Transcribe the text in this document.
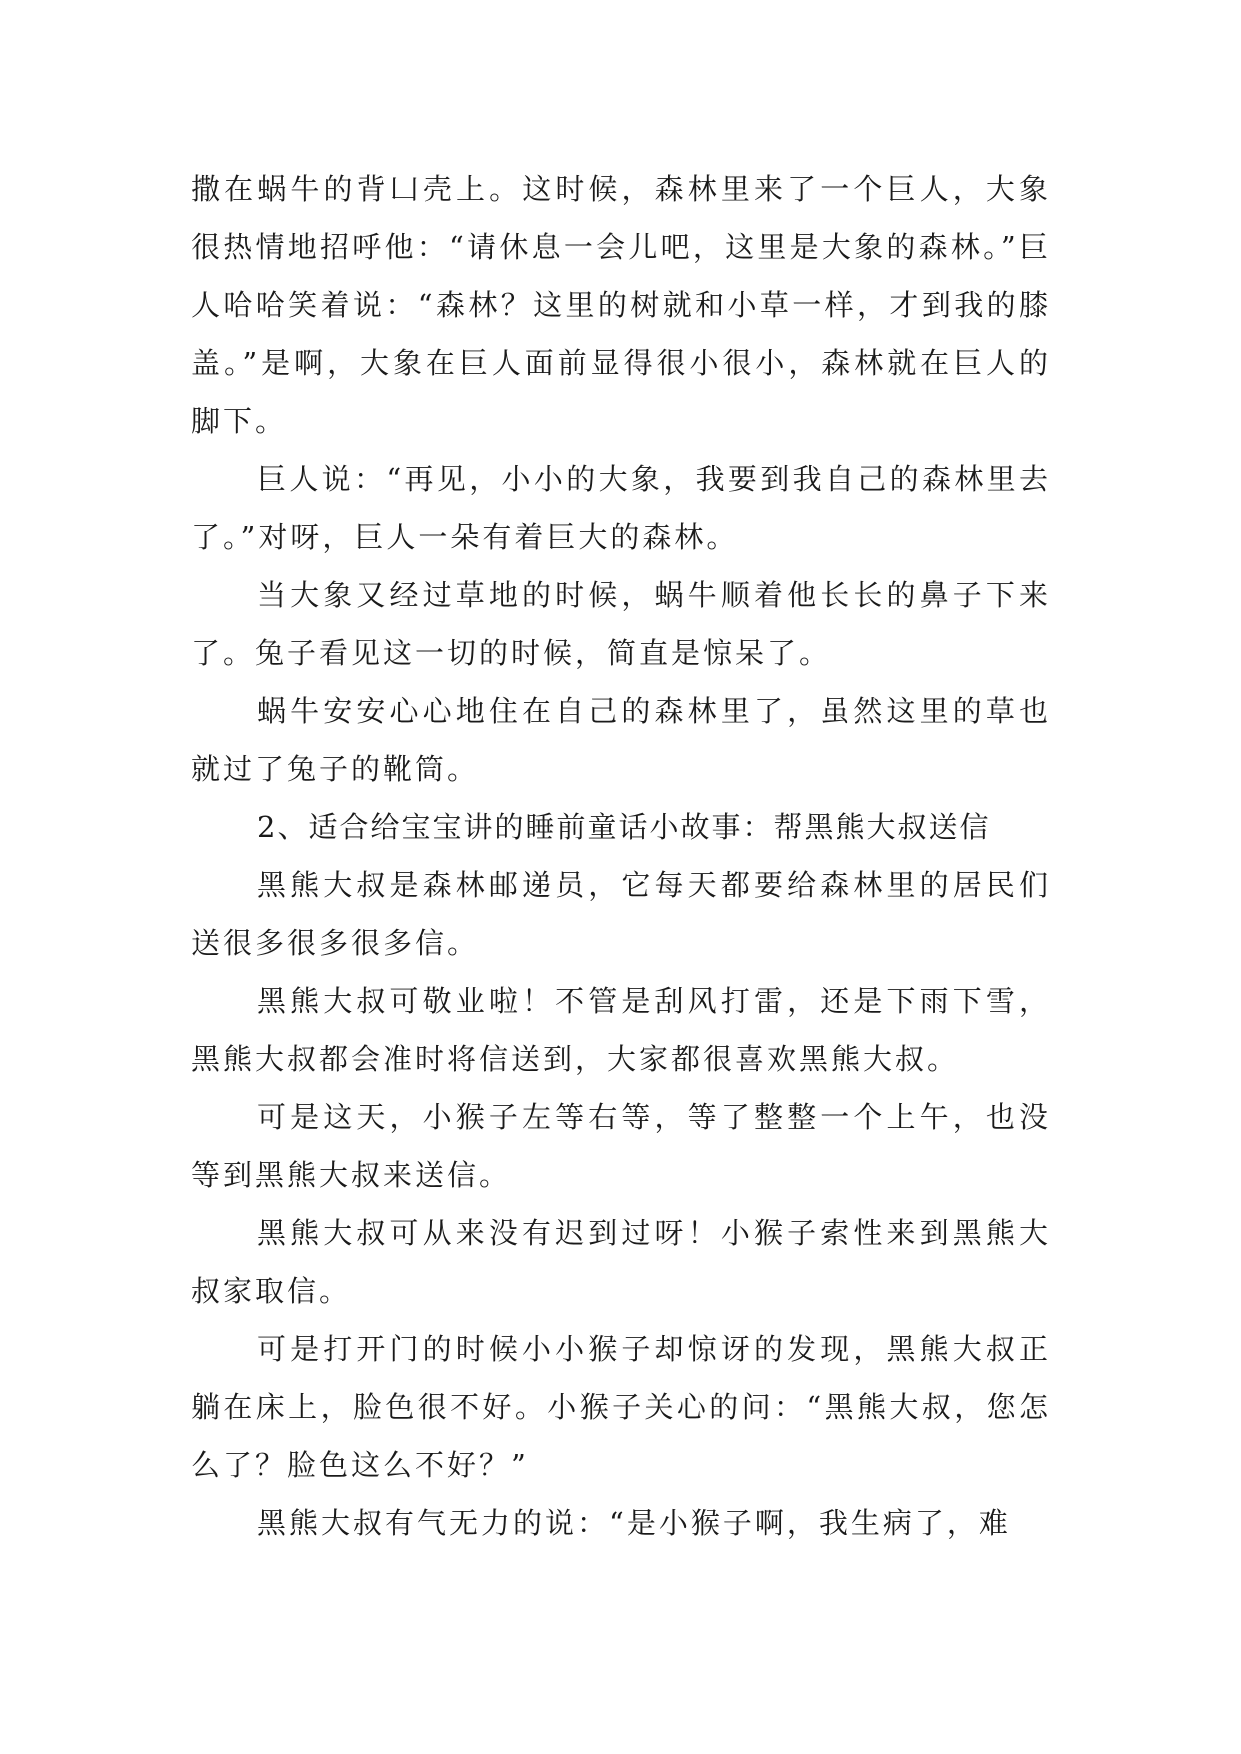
撒在蜗牛的背凵壳上。这时候，森林里来了一个巨人，大象很热情地招呼他：“请休息一会儿吧，这里是大象的森林。”巨人哈哈笑着说：“森林？这里的树就和小草一样，才到我的膝盖。”是啊，大象在巨人面前显得很小很小，森林就在巨人的脚下。

巨人说：“再见，小小的大象，我要到我自己的森林里去了。”对呀，巨人一朵有着巨大的森林。

当大象又经过草地的时候，蜗牛顺着他长长的鼻子下来了。兔子看见这一切的时候，简直是惊呆了。

蜗牛安安心心地住在自己的森林里了，虽然这里的草也就过了兔子的靴筒。

2、适合给宝宝讲的睡前童话小故事：帮黑熊大叔送信

黑熊大叔是森林邮递员，它每天都要给森林里的居民们送很多很多很多信。

黑熊大叔可敬业啦！不管是刮风打雷，还是下雨下雪，黑熊大叔都会准时将信送到，大家都很喜欢黑熊大叔。

可是这天，小猴子左等右等，等了整整一个上午，也没等到黑熊大叔来送信。

黑熊大叔可从来没有迟到过呀！小猴子索性来到黑熊大叔家取信。

可是打开门的时候小小猴子却惊讶的发现，黑熊大叔正躺在床上，脸色很不好。小猴子关心的问：“黑熊大叔，您怎么了？脸色这么不好？”

黑熊大叔有气无力的说：“是小猴子啊，我生病了，难
